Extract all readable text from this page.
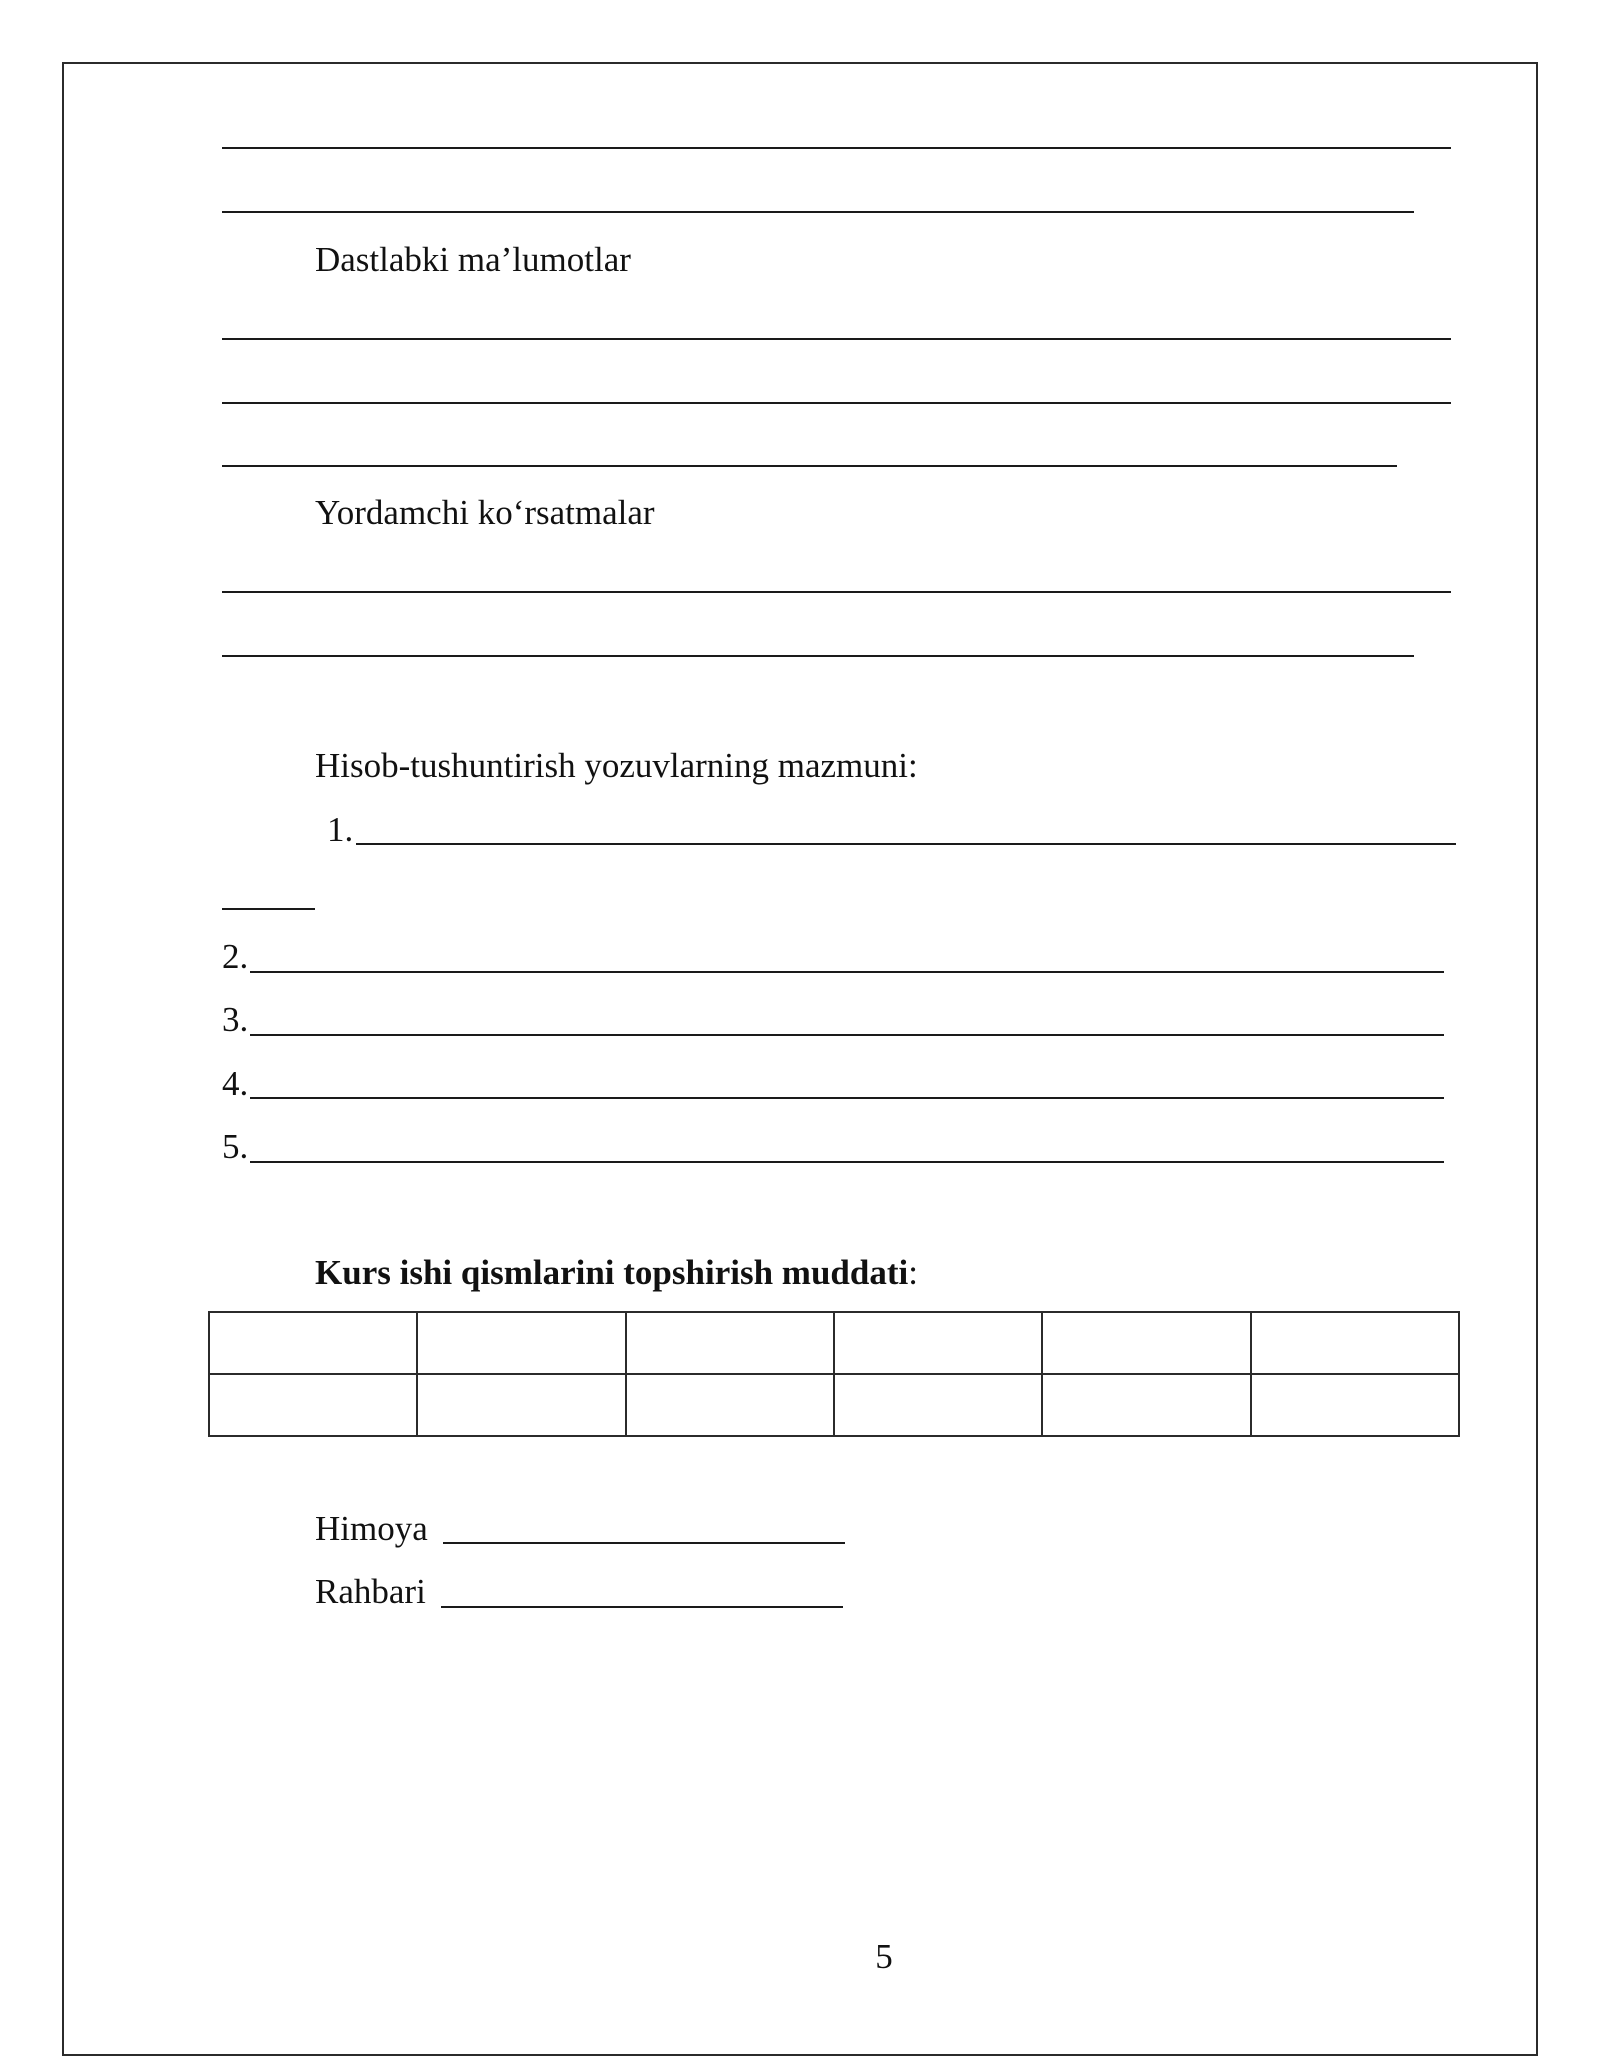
Dastlabki ma’lumotlar
Yordamchi ko‘rsatmalar
Hisob-tushuntirish yozuvlarning mazmuni:
1.
2.
3.
4.
5.
Kurs ishi qismlarini topshirish muddati:

Himoya
Rahbari
5
